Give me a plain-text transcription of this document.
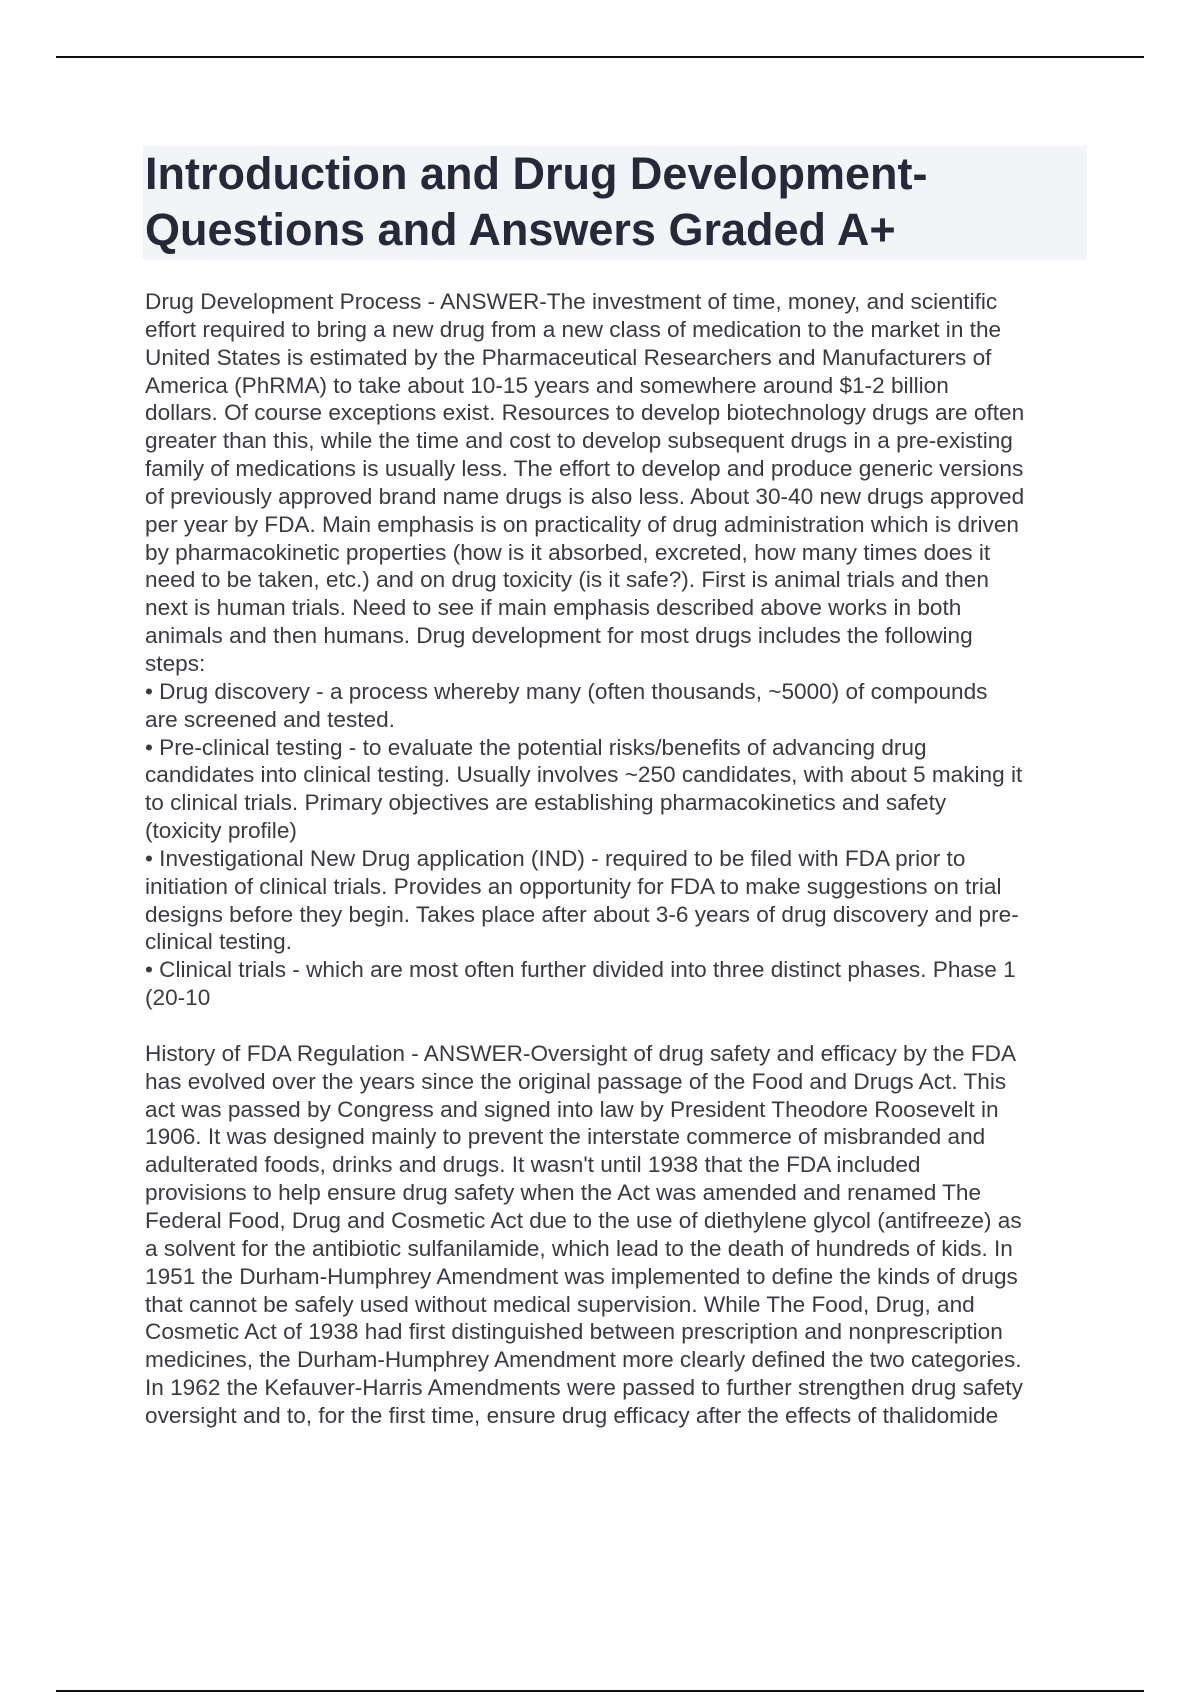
Introduction and Drug Development-
Questions and Answers Graded A+
Drug Development Process - ANSWER-The investment of time, money, and scientific
effort required to bring a new drug from a new class of medication to the market in the
United States is estimated by the Pharmaceutical Researchers and Manufacturers of
America (PhRMA) to take about 10-15 years and somewhere around $1-2 billion
dollars. Of course exceptions exist. Resources to develop biotechnology drugs are often
greater than this, while the time and cost to develop subsequent drugs in a pre-existing
family of medications is usually less. The effort to develop and produce generic versions
of previously approved brand name drugs is also less. About 30-40 new drugs approved
per year by FDA. Main emphasis is on practicality of drug administration which is driven
by pharmacokinetic properties (how is it absorbed, excreted, how many times does it
need to be taken, etc.) and on drug toxicity (is it safe?). First is animal trials and then
next is human trials. Need to see if main emphasis described above works in both
animals and then humans. Drug development for most drugs includes the following
steps:
• Drug discovery - a process whereby many (often thousands, ~5000) of compounds
are screened and tested.
• Pre-clinical testing - to evaluate the potential risks/benefits of advancing drug
candidates into clinical testing. Usually involves ~250 candidates, with about 5 making it
to clinical trials. Primary objectives are establishing pharmacokinetics and safety
(toxicity profile)
• Investigational New Drug application (IND) - required to be filed with FDA prior to
initiation of clinical trials. Provides an opportunity for FDA to make suggestions on trial
designs before they begin. Takes place after about 3-6 years of drug discovery and pre-
clinical testing.
• Clinical trials - which are most often further divided into three distinct phases. Phase 1
(20-10
History of FDA Regulation - ANSWER-Oversight of drug safety and efficacy by the FDA
has evolved over the years since the original passage of the Food and Drugs Act. This
act was passed by Congress and signed into law by President Theodore Roosevelt in
1906. It was designed mainly to prevent the interstate commerce of misbranded and
adulterated foods, drinks and drugs. It wasn't until 1938 that the FDA included
provisions to help ensure drug safety when the Act was amended and renamed The
Federal Food, Drug and Cosmetic Act due to the use of diethylene glycol (antifreeze) as
a solvent for the antibiotic sulfanilamide, which lead to the death of hundreds of kids. In
1951 the Durham-Humphrey Amendment was implemented to define the kinds of drugs
that cannot be safely used without medical supervision. While The Food, Drug, and
Cosmetic Act of 1938 had first distinguished between prescription and nonprescription
medicines, the Durham-Humphrey Amendment more clearly defined the two categories.
In 1962 the Kefauver-Harris Amendments were passed to further strengthen drug safety
oversight and to, for the first time, ensure drug efficacy after the effects of thalidomide
